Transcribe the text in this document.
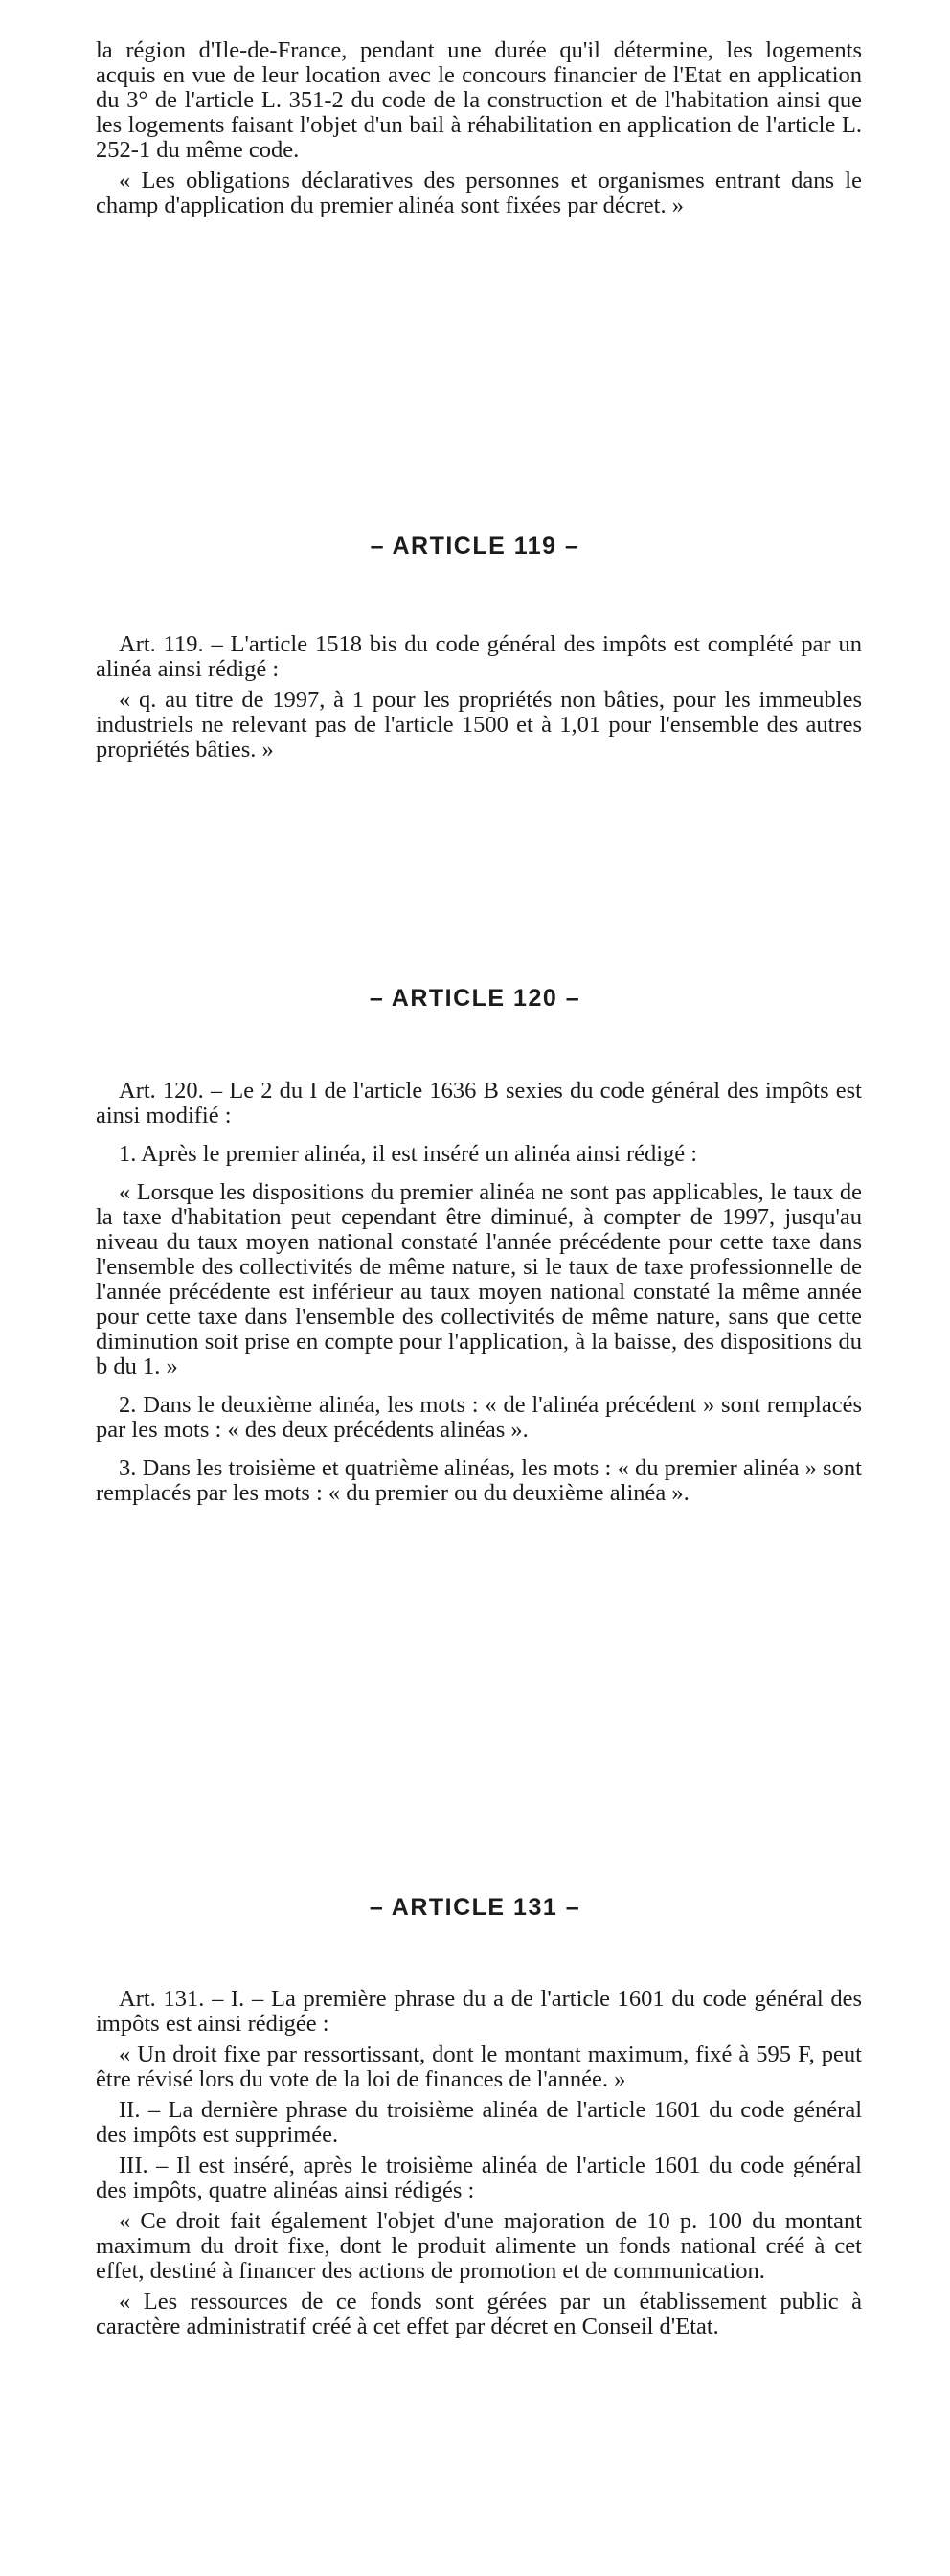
la région d'Ile-de-France, pendant une durée qu'il détermine, les logements acquis en vue de leur location avec le concours financier de l'Etat en application du 3° de l'article L. 351-2 du code de la construction et de l'habitation ainsi que les logements faisant l'objet d'un bail à réhabilitation en application de l'article L. 252-1 du même code.

« Les obligations déclaratives des personnes et organismes entrant dans le champ d'application du premier alinéa sont fixées par décret. »

– ARTICLE 119 –

Art. 119. – L'article 1518 bis du code général des impôts est complété par un alinéa ainsi rédigé :

« q. au titre de 1997, à 1 pour les propriétés non bâties, pour les immeubles industriels ne relevant pas de l'article 1500 et à 1,01 pour l'ensemble des autres propriétés bâties. »

– ARTICLE 120 –

Art. 120. – Le 2 du I de l'article 1636 B sexies du code général des impôts est ainsi modifié :

1. Après le premier alinéa, il est inséré un alinéa ainsi rédigé :

« Lorsque les dispositions du premier alinéa ne sont pas applicables, le taux de la taxe d'habitation peut cependant être diminué, à compter de 1997, jusqu'au niveau du taux moyen national constaté l'année précédente pour cette taxe dans l'ensemble des collectivités de même nature, si le taux de taxe professionnelle de l'année précédente est inférieur au taux moyen national constaté la même année pour cette taxe dans l'ensemble des collectivités de même nature, sans que cette diminution soit prise en compte pour l'application, à la baisse, des dispositions du b du 1. »

2. Dans le deuxième alinéa, les mots : « de l'alinéa précédent » sont remplacés par les mots : « des deux précédents alinéas ».

3. Dans les troisième et quatrième alinéas, les mots : « du premier alinéa » sont remplacés par les mots : « du premier ou du deuxième alinéa ».

– ARTICLE 131 –

Art. 131. – I. – La première phrase du a de l'article 1601 du code général des impôts est ainsi rédigée :

« Un droit fixe par ressortissant, dont le montant maximum, fixé à 595 F, peut être révisé lors du vote de la loi de finances de l'année. »

II. – La dernière phrase du troisième alinéa de l'article 1601 du code général des impôts est supprimée.

III. – Il est inséré, après le troisième alinéa de l'article 1601 du code général des impôts, quatre alinéas ainsi rédigés :

« Ce droit fait également l'objet d'une majoration de 10 p. 100 du montant maximum du droit fixe, dont le produit alimente un fonds national créé à cet effet, destiné à financer des actions de promotion et de communication.

« Les ressources de ce fonds sont gérées par un établissement public à caractère administratif créé à cet effet par décret en Conseil d'Etat.
